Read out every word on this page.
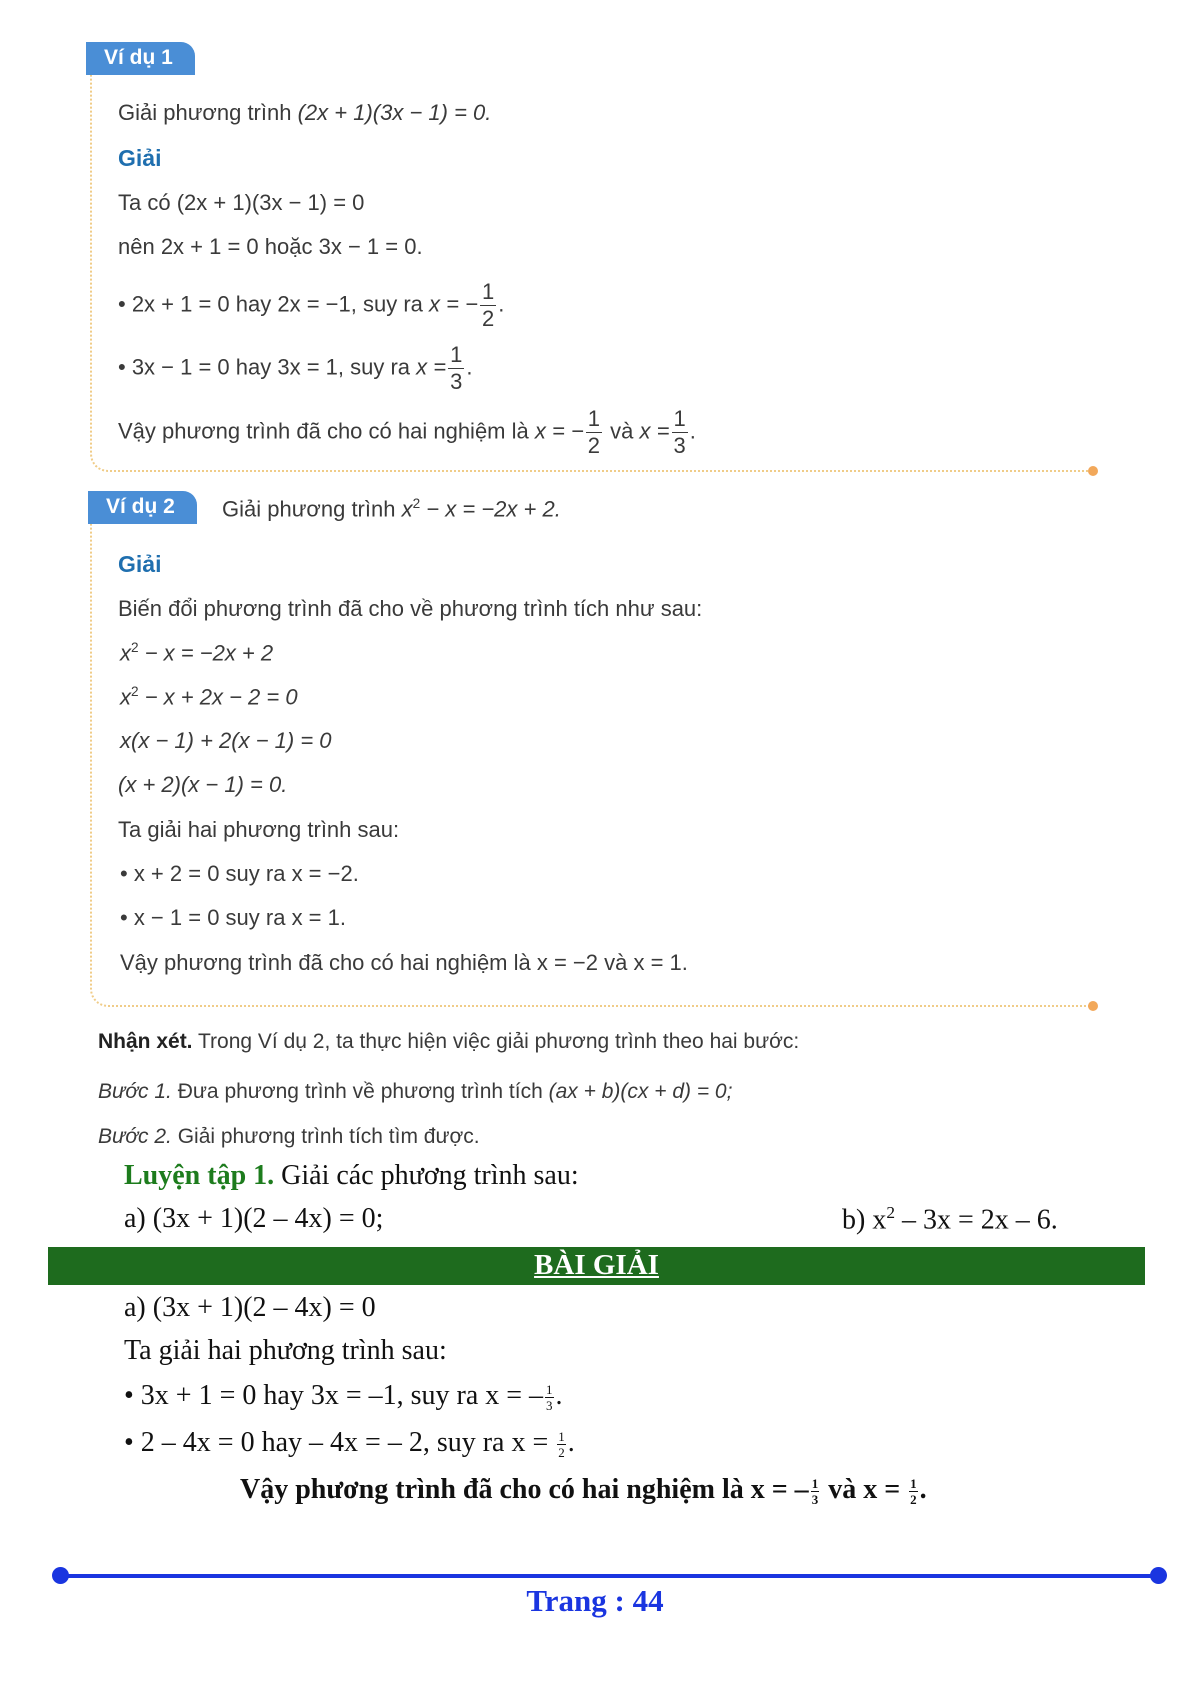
Ví dụ 1
Giải phương trình (2x + 1)(3x − 1) = 0.
Giải
Ta có (2x + 1)(3x − 1) = 0
nên 2x + 1 = 0 hoặc 3x − 1 = 0.
• 2x + 1 = 0 hay 2x = −1, suy ra x = − $\frac{1}{2}$ .
• 3x − 1 = 0 hay 3x = 1, suy ra $x = \frac{1}{3}$ .
Vậy phương trình đã cho có hai nghiệm là x = − $\frac{1}{2}$ và $x = \frac{1}{3}$ .
Ví dụ 2	Giải phương trình $x^2 - x = -2x + 2$.
Giải
Biến đổi phương trình đã cho về phương trình tích như sau:
$x^2 - x = -2x + 2$
$x^2 - x + 2x - 2 = 0$
x(x − 1) + 2(x − 1) = 0
(x + 2)(x − 1) = 0.
Ta giải hai phương trình sau:
• x + 2 = 0 suy ra x = −2.
• x − 1 = 0 suy ra x = 1.
Vậy phương trình đã cho có hai nghiệm là x = −2 và x = 1.
Nhận xét. Trong Ví dụ 2, ta thực hiện việc giải phương trình theo hai bước:
Bước 1. Đưa phương trình về phương trình tích (ax + b)(cx + d) = 0;
Bước 2. Giải phương trình tích tìm được.
Luyện tập 1. Giải các phương trình sau:
a) (3x + 1)(2 – 4x) = 0;	b) $x^2 - 3x = 2x - 6$.
BÀI GIẢI
a) (3x + 1)(2 – 4x) = 0
Ta giải hai phương trình sau:
• 3x + 1 = 0 hay 3x = –1, suy ra x = – $\frac{1}{3}$ .
• 2 – 4x = 0 hay – 4x = – 2, suy ra $x = \frac{1}{2}$ .
Vậy phương trình đã cho có hai nghiệm là x = – $\frac{1}{3}$ và $x = \frac{1}{2}$ .
Trang : 44
